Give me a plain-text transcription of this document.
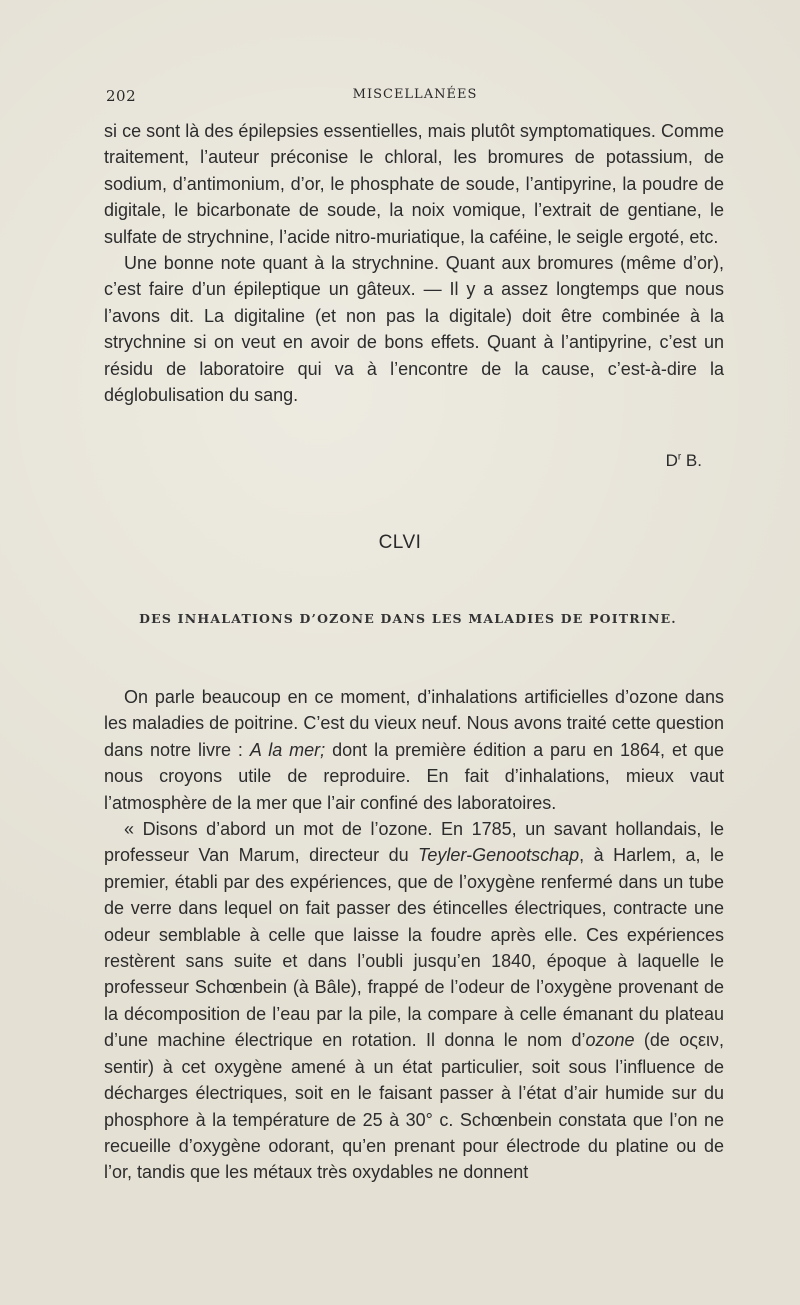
202	MISCELLANÉES

si ce sont là des épilepsies essentielles, mais plutôt symptomatiques. Comme traitement, l’auteur préconise le chloral, les bromures de potassium, de sodium, d’antimonium, d’or, le phosphate de soude, l’antipyrine, la poudre de digitale, le bicarbonate de soude, la noix vomique, l’extrait de gentiane, le sulfate de strychnine, l’acide nitro-muriatique, la caféine, le seigle ergoté, etc.

Une bonne note quant à la strychnine. Quant aux bromures (même d’or), c’est faire d’un épileptique un gâteux. — Il y a assez longtemps que nous l’avons dit. La digitaline (et non pas la digitale) doit être combinée à la strychnine si on veut en avoir de bons effets. Quant à l’antipyrine, c’est un résidu de laboratoire qui va à l’encontre de la cause, c’est-à-dire la déglobulisation du sang.

$D^r$ B.
CLVI
DES INHALATIONS D’OZONE DANS LES MALADIES DE POITRINE.

On parle beaucoup en ce moment, d’inhalations artificielles d’ozone dans les maladies de poitrine. C’est du vieux neuf. Nous avons traité cette question dans notre livre : A la mer; dont la première édition a paru en 1864, et que nous croyons utile de reproduire. En fait d’inhalations, mieux vaut l’atmosphère de la mer que l’air confiné des laboratoires.

« Disons d’abord un mot de l’ozone. En 1785, un savant hollandais, le professeur Van Marum, directeur du Teyler-Genootschap, à Harlem, a, le premier, établi par des expériences, que de l’oxygène renfermé dans un tube de verre dans lequel on fait passer des étincelles électriques, contracte une odeur semblable à celle que laisse la foudre après elle. Ces expériences restèrent sans suite et dans l’oubli jusqu’en 1840, époque à laquelle le professeur Schœnbein (à Bâle), frappé de l’odeur de l’oxygène provenant de la décomposition de l’eau par la pile, la compare à celle émanant du plateau d’une machine électrique en rotation. Il donna le nom d’ozone (de οςειν, sentir) à cet oxygène amené à un état particulier, soit sous l’influence de décharges électriques, soit en le faisant passer à l’état d’air humide sur du phosphore à la température de 25 à 30° c. Schœnbein constata que l’on ne recueille d’oxygène odorant, qu’en prenant pour électrode du platine ou de l’or, tandis que les métaux très oxydables ne donnent
